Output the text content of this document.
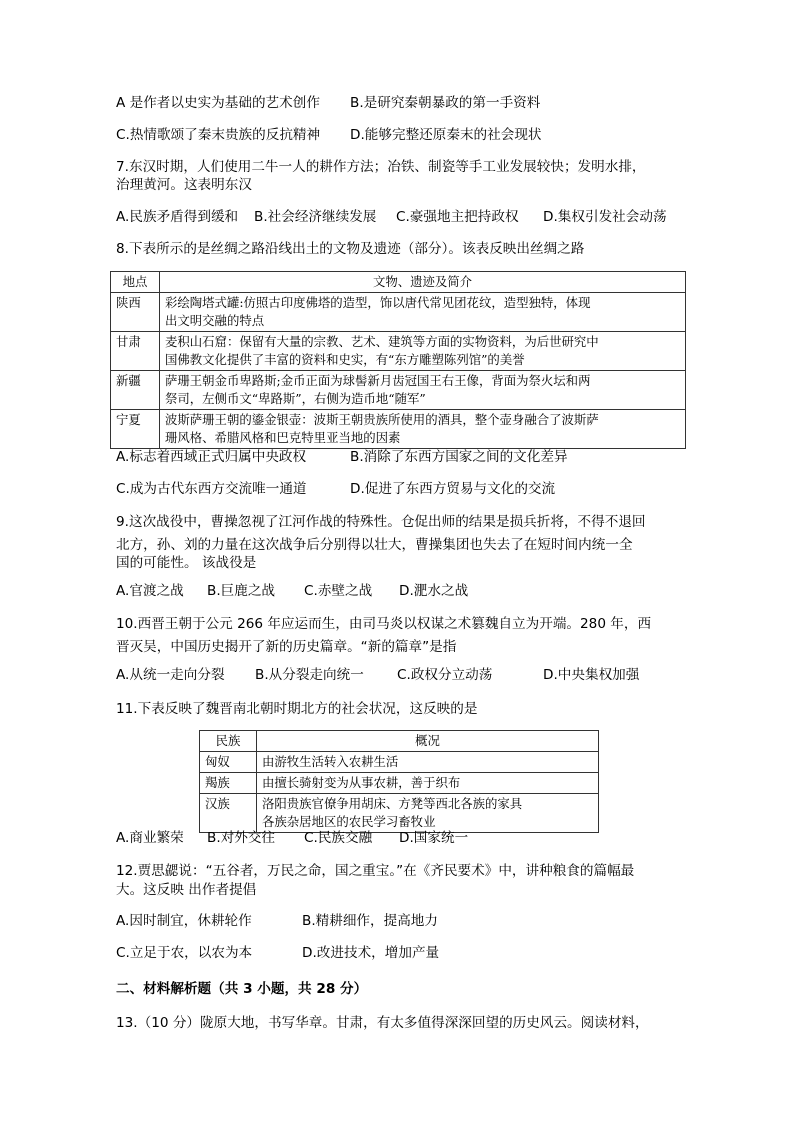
A 是作者以史实为基础的艺术创作 B.是研究秦朝暴政的第一手资料
C.热情歌颂了秦末贵族的反抗精神 D.能够完整还原秦末的社会现状
7.东汉时期，人们使用二牛一人的耕作方法；冶铁、制瓷等手工业发展较快；发明水排，
治理黄河。这表明东汉
A.民族矛盾得到缓和 B.社会经济继续发展 C.豪强地主把持政权 D.集权引发社会动荡
8.下表所示的是丝绸之路沿线出土的文物及遗迹（部分）。该表反映出丝绸之路
地点	文物、遗迹及简介
陕西	彩绘陶塔式罐:仿照古印度佛塔的造型，饰以唐代常见团花纹，造型独特，体现
出文明交融的特点

甘肃	麦积山石窟：保留有大量的宗教、艺术、建筑等方面的实物资料，为后世研究中
国佛教文化提供了丰富的资料和史实，有“东方雕塑陈列馆”的美誉

新疆	萨珊王朝金币卑路斯;金币正面为球髻新月齿冠国王右王像，背面为祭火坛和两
祭司，左侧币文“卑路斯”，右侧为造币地“随军”

宁夏	波斯萨珊王朝的鎏金银壶：波斯王朝贵族所使用的酒具，整个壶身融合了波斯萨
珊风格、希腊风格和巴克特里亚当地的因素
A.标志着西域正式归属中央政权	B.消除了东西方国家之间的文化差异
C.成为古代东西方交流唯一通道	D.促进了东西方贸易与文化的交流
9.这次战役中，曹操忽视了江河作战的特殊性。仓促出师的结果是损兵折将，不得不退回
北方，孙、刘的力量在这次战争后分别得以壮大，曹操集团也失去了在短时间内统一全
国的可能性。 该战役是
A.官渡之战 B.巨鹿之战 C.赤壁之战 D.淝水之战
10.西晋王朝于公元 266 年应运而生，由司马炎以权谋之术篡魏自立为开端。280 年，西
晋灭吴，中国历史揭开了新的历史篇章。“新的篇章”是指
A.从统一走向分裂 B.从分裂走向统一 C.政权分立动荡	D.中央集权加强
11.下表反映了魏晋南北朝时期北方的社会状况，这反映的是
民族	概况
匈奴	由游牧生活转入农耕生活

羯族	由擅长骑射变为从事农耕，善于织布

汉族	洛阳贵族官僚争用胡床、方凳等西北各族的家具
各族杂居地区的农民学习畜牧业
A.商业繁荣 B.对外交往 C.民族交融 D.国家统一
12.贾思勰说：“五谷者，万民之命，国之重宝。”在《齐民要术》中，讲种粮食的篇幅最
大。这反映 出作者提倡
A.因时制宜，休耕轮作	B.精耕细作，提高地力
C.立足于农，以农为本	D.改进技术，增加产量
二、材料解析题（共 3 小题，共 28 分）
13.（10 分）陇原大地，书写华章。甘肃，有太多值得深深回望的历史风云。阅读材料，
